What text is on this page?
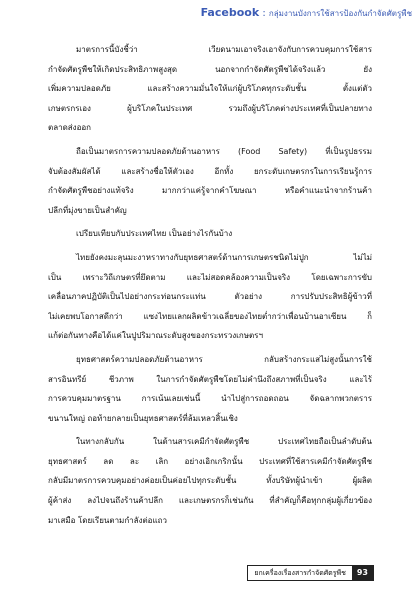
Facebook : กลุ่มงานบังการใช้สารป้องกันกำจัดศัตรูพืช

มาตรการนี้บังชี้ว่า เวียดนามเอาจริงเอาจังกับการควบคุมการใช้สาร
กำจัดศัตรูพืชให้เกิดประสิทธิภาพสูงสุด นอกจากกำจัดศัตรูพืชได้จริงแล้ว ยัง
เพิ่มความปลอดภัย และสร้างความมั่นใจให้แก่ผู้บริโภคทุกระดับชั้น ตั้งแต่ตัว
เกษตรกรเอง ผู้บริโภคในประเทศ รวมถึงผู้บริโภคต่างประเทศที่เป็นปลายทาง
ตลาดส่งออก

ถือเป็นมาตรการความปลอดภัยด้านอาหาร (Food Safety) ที่เป็นรูปธรรม
จับต้องสัมผัสได้ และสร้างชื่อให้ตัวเอง อีกทั้ง ยกระดับเกษตรกรในการเรียนรู้การ
กำจัดศัตรูพืชอย่างแท้จริง มากกว่าแค่รู้จากคำโฆษณา หรือคำแนะนำจากร้านค้า
ปลีกที่มุ่งขายเป็นสำคัญ

เปรียบเทียบกับประเทศไทย เป็นอย่างไรกันบ้าง

ไทยยังคงมะลุนมะงาหราทางกับยุทธศาสตร์ด้านการเกษตรชนิดไม่ปูก ไม่ไม่
เป็น เพราะวิถีเกษตรที่ยึดตาม และไม่สอดคล้องความเป็นจริง โดยเฉพาะการขับ
เคลื่อนภาคปฏิบัติเป็นไปอย่างกระท่อนกระแท่น ตัวอย่าง การปรับประสิทธิผู้ข้าวที่
ไม่เคยพบโอกาสดีกว่า แซงไทยแลกผลิตข้าวเฉลี่ยของไทยต่ำกว่าเพื่อนบ้านอาเซียน ก็
แก้ต่อกันทางคือได้แค่ในปูปริมาณระดับสูงของกระทรวงเกษตรฯ

ยุทธศาสตร์ความปลอดภัยด้านอาหาร กลับสร้างกระแสไม่สูงนั้นการใช้
สารอินทรีย์ ชีวภาพ ในการกำจัดศัตรูพืชโดยไม่คำนึงถึงสภาพที่เป็นจริง และไร้
การควบคุมมาตรฐาน การเน้นเลยเช่นนี้ นำไปสู่การถอดถอน จัดฉลากพวกตราร
ขนานใหญ่ ถอท้ายกลายเป็นยุทธศาสตร์ที่ล้มเหลวสิ้นเชิง

ในทางกลับกัน ในด้านสารเคมีกำจัดศัตรูพืช ประเทศไทยถือเป็นลำดับต้น
ยุทธศาสตร์ ลด ละ เลิก อย่างเอิกเกริกนั้น ประเทศที่ใช้สารเคมีกำจัดศัตรูพืช
กลับมีมาตรการควบคุมอย่างค่อยเป็นค่อยไปทุกระดับชั้น ทั้งบริษัทผู้นำเข้า ผู้ผลิต
ผู้ค้าส่ง ลงไปจนถึงร้านค้าปลีก และเกษตรกรก็เช่นกัน ที่สำคัญก็คือทุกกลุ่มผู้เกี่ยวข้อง
มาเสมือ โดยเรียนตามกำลังต่อแถว

ยกเครื่องเรื่องสารกำจัดศัตรูพืช	93
